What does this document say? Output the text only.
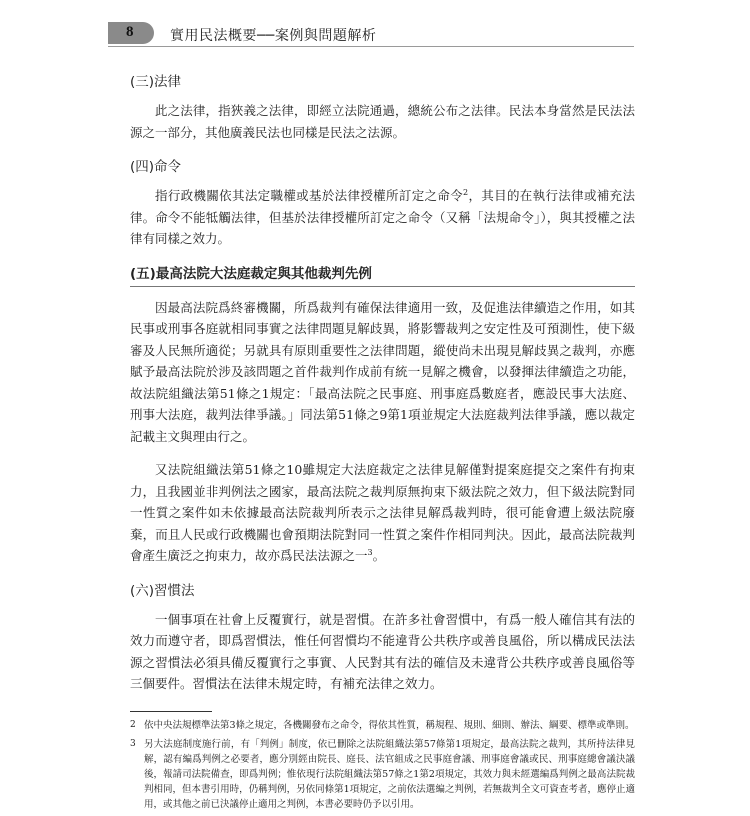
8	實用民法概要──案例與問題解析
(三)法律

此之法律，指狹義之法律，即經立法院通過，總統公布之法律。民法本身當然是民法法源之一部分，其他廣義民法也同樣是民法之法源。

(四)命令

指行政機關依其法定職權或基於法律授權所訂定之命令$^2$，其目的在執行法律或補充法律。命令不能牴觸法律，但基於法律授權所訂定之命令（又稱「法規命令」），與其授權之法律有同樣之效力。

(五)最高法院大法庭裁定與其他裁判先例

因最高法院爲終審機關，所爲裁判有確保法律適用一致，及促進法律續造之作用，如其民事或刑事各庭就相同事實之法律問題見解歧異，將影響裁判之安定性及可預測性，使下級審及人民無所適從；另就具有原則重要性之法律問題，縱使尚未出現見解歧異之裁判，亦應賦予最高法院於涉及該問題之首件裁判作成前有統一見解之機會，以發揮法律續造之功能，故法院組織法第51條之1規定：「最高法院之民事庭、刑事庭爲數庭者，應設民事大法庭、刑事大法庭，裁判法律爭議。」同法第51條之9第1項並規定大法庭裁判法律爭議，應以裁定記載主文與理由行之。

又法院組織法第51條之10雖規定大法庭裁定之法律見解僅對提案庭提交之案件有拘束力，且我國並非判例法之國家，最高法院之裁判原無拘束下級法院之效力，但下級法院對同一性質之案件如未依據最高法院裁判所表示之法律見解爲裁判時，很可能會遭上級法院廢棄，而且人民或行政機關也會預期法院對同一性質之案件作相同判決。因此，最高法院裁判會產生廣泛之拘束力，故亦爲民法法源之一$^3$。

(六)習慣法

一個事項在社會上反覆實行，就是習慣。在許多社會習慣中，有爲一般人確信其有法的效力而遵守者，即爲習慣法，惟任何習慣均不能違背公共秩序或善良風俗，所以構成民法法源之習慣法必須具備反覆實行之事實、人民對其有法的確信及未違背公共秩序或善良風俗等三個要件。習慣法在法律未規定時，有補充法律之效力。

2 依中央法規標準法第3條之規定，各機關發布之命令，得依其性質，稱規程、規則、細則、辦法、綱要、標準或準則。
3 另大法庭制度施行前，有「判例」制度，依已刪除之法院組織法第57條第1項規定，最高法院之裁判，其所持法律見解，認有編爲判例之必要者，應分別經由院長、庭長、法官組成之民事庭會議、刑事庭會議或民、刑事庭總會議決議後，報請司法院備查，即爲判例；惟依現行法院組織法第57條之1第2項規定，其效力與未經選編爲判例之最高法院裁判相同，但本書引用時，仍稱判例，另依同條第1項規定，之前依法選編之判例，若無裁判全文可資查考者，應停止適用，或其他之前已決議停止適用之判例，本書必要時仍予以引用。
